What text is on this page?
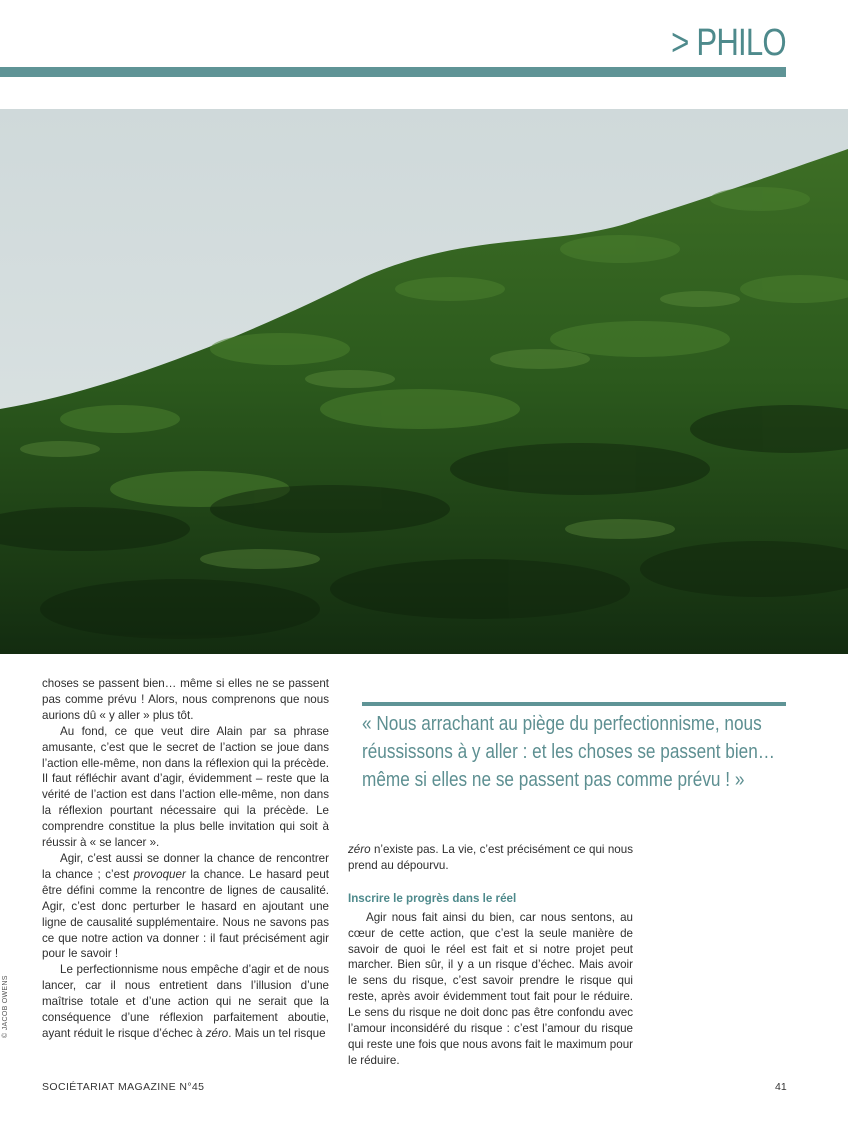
> PHILO

choses se passent bien… même si elles ne se passent pas comme prévu ! Alors, nous comprenons que nous aurions dû « y aller » plus tôt.

Au fond, ce que veut dire Alain par sa phrase amusante, c’est que le secret de l’action se joue dans l’action elle-même, non dans la réflexion qui la précède. Il faut réfléchir avant d’agir, évidemment – reste que la vérité de l’action est dans l’action elle-même, non dans la réflexion pourtant nécessaire qui la précède. Le comprendre constitue la plus belle invitation qui soit à réussir à « se lancer ».

Agir, c’est aussi se donner la chance de rencontrer la chance ; c’est provoquer la chance. Le hasard peut être défini comme la rencontre de lignes de causalité. Agir, c’est donc perturber le hasard en ajoutant une ligne de causalité supplémentaire. Nous ne savons pas ce que notre action va donner : il faut précisément agir pour le savoir !

Le perfectionnisme nous empêche d’agir et de nous lancer, car il nous entretient dans l’illusion d’une maîtrise totale et d’une action qui ne serait que la conséquence d’une réflexion parfaitement aboutie, ayant réduit le risque d’échec à zéro. Mais un tel risque

« Nous arrachant au piège du perfectionnisme, nous réussissons à y aller : et les choses se passent bien… même si elles ne se passent pas comme prévu ! »

zéro n’existe pas. La vie, c’est précisément ce qui nous prend au dépourvu.

Inscrire le progrès dans le réel

Agir nous fait ainsi du bien, car nous sentons, au cœur de cette action, que c’est la seule manière de savoir de quoi le réel est fait et si notre projet peut marcher. Bien sûr, il y a un risque d’échec. Mais avoir le sens du risque, c’est savoir prendre le risque qui reste, après avoir évidemment tout fait pour le réduire. Le sens du risque ne doit donc pas être confondu avec l’amour inconsidéré du risque : c’est l’amour du risque qui reste une fois que nous avons fait le maximum pour le réduire.

© JACOB OWENS
SOCIÉTARIAT MAGAZINE N°45	41
